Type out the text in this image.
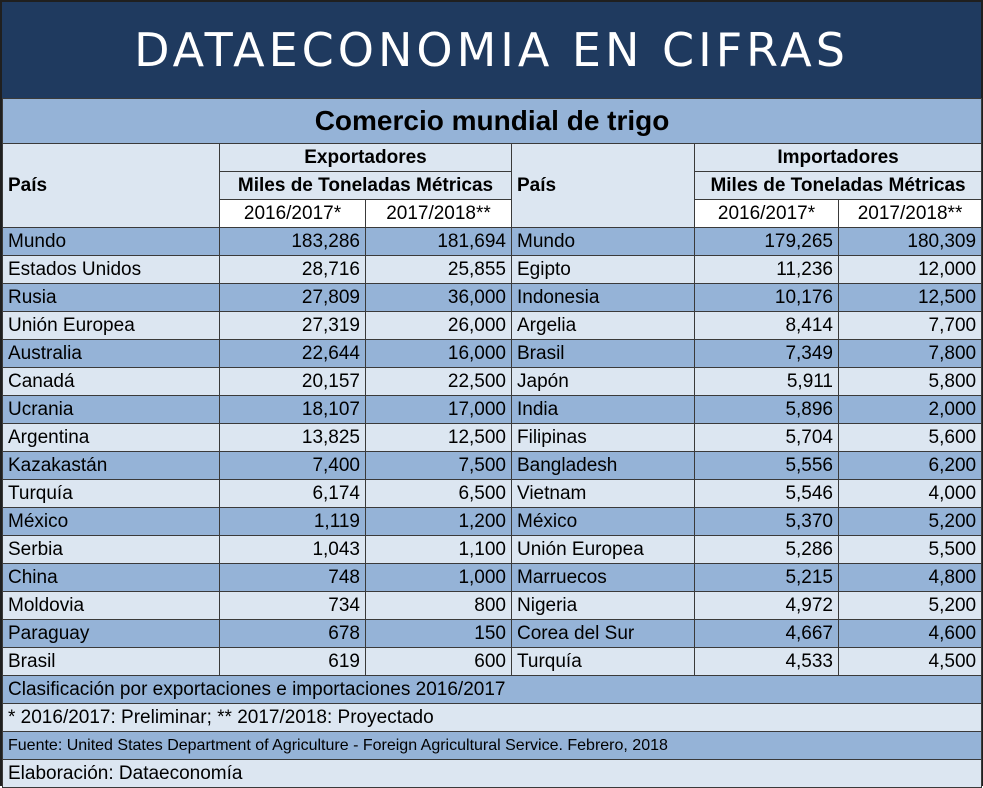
DATAECONOMIA EN CIFRAS
Comercio mundial de trigo					
País	Exportadores		País	Importadores	
	Miles de Toneladas Métricas			Miles de Toneladas Métricas	
	2016/2017*	2017/2018**		2016/2017*	2017/2018**
Mundo	183,286	181,694	Mundo	179,265	180,309
Estados Unidos	28,716	25,855	Egipto	11,236	12,000
Rusia	27,809	36,000	Indonesia	10,176	12,500
Unión Europea	27,319	26,000	Argelia	8,414	7,700
Australia	22,644	16,000	Brasil	7,349	7,800
Canadá	20,157	22,500	Japón	5,911	5,800
Ucrania	18,107	17,000	India	5,896	2,000
Argentina	13,825	12,500	Filipinas	5,704	5,600
Kazakastán	7,400	7,500	Bangladesh	5,556	6,200
Turquía	6,174	6,500	Vietnam	5,546	4,000
México	1,119	1,200	México	5,370	5,200
Serbia	1,043	1,100	Unión Europea	5,286	5,500
China	748	1,000	Marruecos	5,215	4,800
Moldovia	734	800	Nigeria	4,972	5,200
Paraguay	678	150	Corea del Sur	4,667	4,600
Brasil	619	600	Turquía	4,533	4,500
Clasificación por exportaciones e importaciones 2016/2017					
* 2016/2017: Preliminar; ** 2017/2018: Proyectado					
Fuente: United States Department of Agriculture - Foreign Agricultural Service. Febrero, 2018					
Elaboración: Dataeconomía					
